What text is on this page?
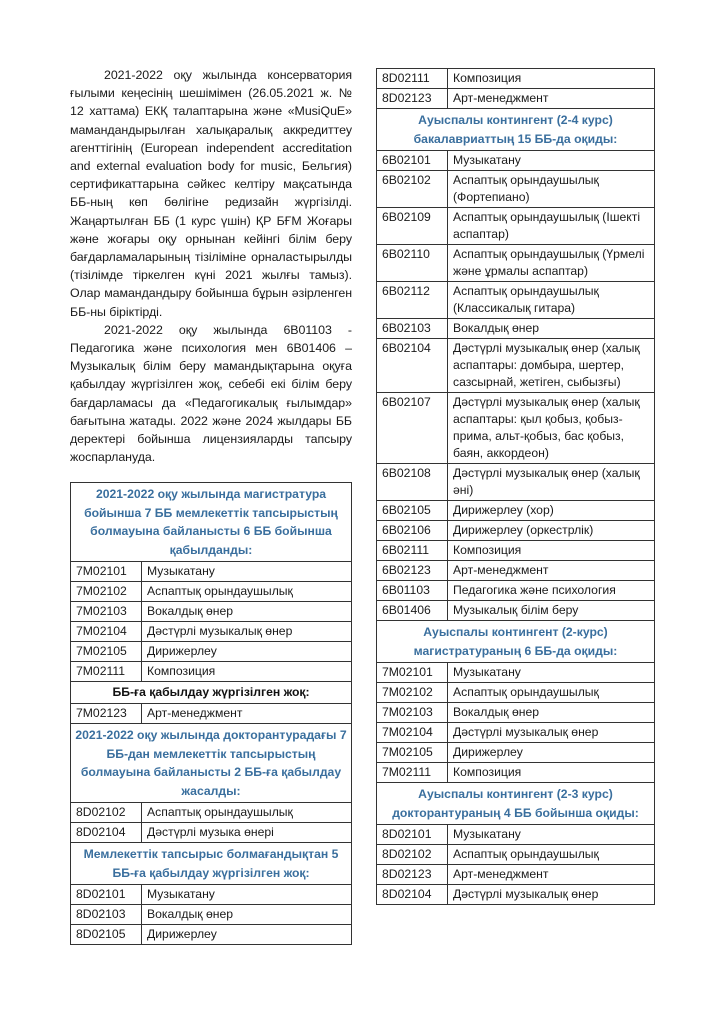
2021-2022 оқу жылында консерватория ғылыми кеңесінің шешімімен (26.05.2021 ж. № 12 хаттама) ЕКҚ талаптарына және «MusiQuE» мамандандырылған халықаралық аккредиттеу агенттігінің (European independent accreditation and external evaluation body for music, Бельгия) сертификаттарына сәйкес келтіру мақсатында ББ-ның көп бөлігіне редизайн жүргізілді. Жаңартылған ББ (1 курс үшін) ҚР БҒМ Жоғары және жоғары оқу орнынан кейінгі білім беру бағдарламаларының тізіліміне орналастырылды (тізілімде тіркелген күні 2021 жылғы тамыз). Олар мамандандыру бойынша бұрын әзірленген ББ-ны біріктірді.

2021-2022 оқу жылында 6В01103 - Педагогика және психология мен 6В01406 – Музыкалық білім беру мамандықтарына оқуға қабылдау жүргізілген жоқ, себебі екі білім беру бағдарламасы да «Педагогикалық ғылымдар» бағытына жатады. 2022 және 2024 жылдары ББ деректері бойынша лицензияларды тапсыру жоспарлануда.

2021-2022 оқу жылында магистратура бойынша 7 ББ мемлекеттік тапсырыстың болмауына байланысты 6 ББ бойынша қабылданды:	
7М02101	Музыкатану
7М02102	Аспаптық орындаушылық
7М02103	Вокалдық өнер
7М02104	Дәстүрлі музыкалық өнер
7М02105	Дирижерлеу
7М02111	Композиция
ББ-ға қабылдау жүргізілген жоқ:	
7М02123	Арт-менеджмент
2021-2022 оқу жылында докторантурадағы 7 ББ-дан мемлекеттік тапсырыстың болмауына байланысты 2 ББ-ға қабылдау жасалды:	
8D02102	Аспаптық орындаушылық
8D02104	Дәстүрлі музыка өнері
Мемлекеттік тапсырыс болмағандықтан 5 ББ-ға қабылдау жүргізілген жоқ:	
8D02101	Музыкатану
8D02103	Вокалдық өнер
8D02105	Дирижерлеу
8D02111	Композиция
8D02123	Арт-менеджмент
Ауыспалы контингент (2-4 курс) бакалавриаттың 15 ББ-да оқиды:	
6В02101	Музыкатану
6В02102	Аспаптық орындаушылық (Фортепиано)
6В02109	Аспаптық орындаушылық (Ішекті аспаптар)
6В02110	Аспаптық орындаушылық (Үрмелі және ұрмалы аспаптар)
6В02112	Аспаптық орындаушылық (Классикалық гитара)
6В02103	Вокалдық өнер
6В02104	Дәстүрлі музыкалық өнер (халық аспаптары: домбыра, шертер, сазсырнай, жетіген, сыбызғы)
6В02107	Дәстүрлі музыкалық өнер (халық аспаптары: қыл қобыз, қобыз-прима, альт-қобыз, бас қобыз, баян, аккордеон)
6В02108	Дәстүрлі музыкалық өнер (халық әні)
6В02105	Дирижерлеу (хор)
6В02106	Дирижерлеу (оркестрлік)
6В02111	Композиция
6В02123	Арт-менеджмент
6В01103	Педагогика және психология
6В01406	Музыкалық білім беру
Ауыспалы контингент (2-курс) магистратураның 6 ББ-да оқиды:	
7М02101	Музыкатану
7М02102	Аспаптық орындаушылық
7М02103	Вокалдық өнер
7М02104	Дәстүрлі музыкалық өнер
7М02105	Дирижерлеу
7М02111	Композиция
Ауыспалы контингент (2-3 курс) докторантураның 4 ББ бойынша оқиды:	
8D02101	Музыкатану
8D02102	Аспаптық орындаушылық
8D02123	Арт-менеджмент
8D02104	Дәстүрлі музыкалық өнер
